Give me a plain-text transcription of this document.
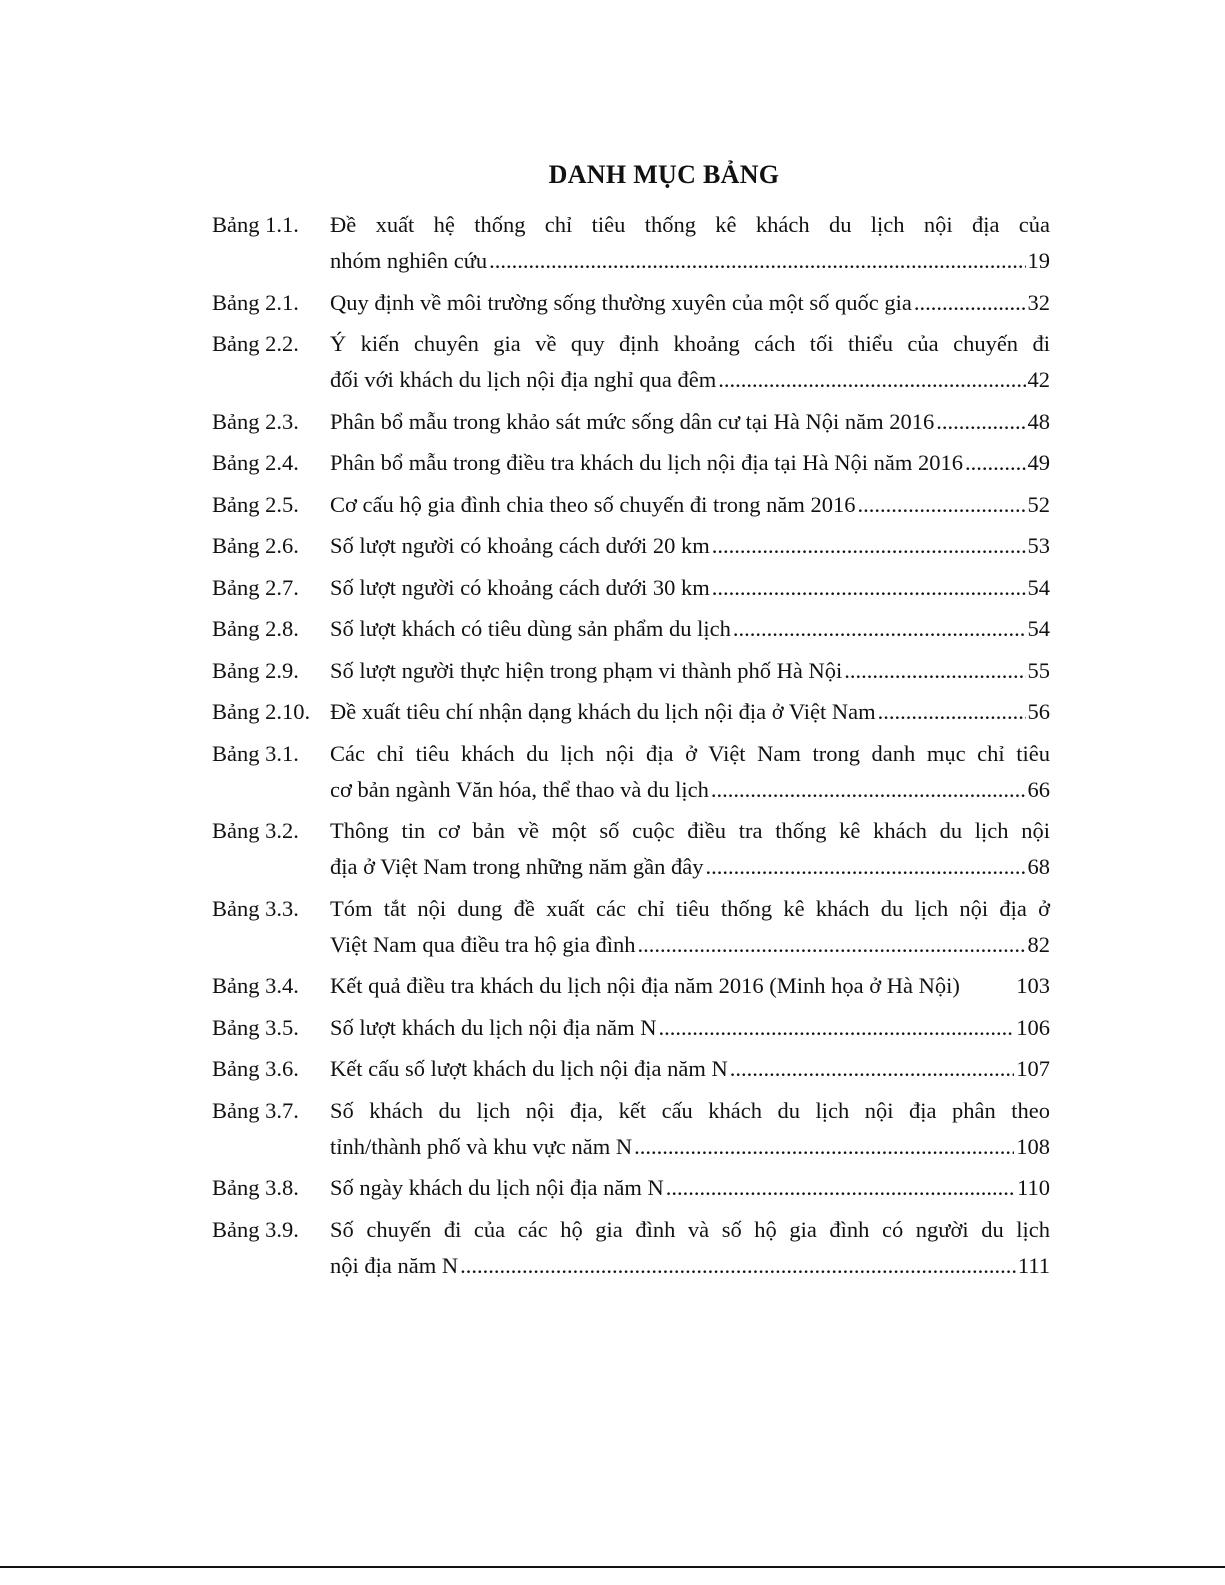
DANH MỤC BẢNG
Bảng 1.1.	Đề xuất hệ thống chỉ tiêu thống kê khách du lịch nội địa của
nhóm nghiên cứu .....	19
Bảng 2.1.	Quy định về môi trường sống thường xuyên của một số quốc gia .....	32
Bảng 2.2.	Ý kiến chuyên gia về quy định khoảng cách tối thiểu của chuyến đi
đối với khách du lịch nội địa nghỉ qua đêm .....	42
Bảng 2.3.	Phân bổ mẫu trong khảo sát mức sống dân cư tại Hà Nội năm 2016 .....	48
Bảng 2.4.	Phân bổ mẫu trong điều tra khách du lịch nội địa tại Hà Nội năm 2016 .....	49
Bảng 2.5.	Cơ cấu hộ gia đình chia theo số chuyến đi trong năm 2016 .....	52
Bảng 2.6.	Số lượt người có khoảng cách dưới 20 km .....	53
Bảng 2.7.	Số lượt người có khoảng cách dưới 30 km .....	54
Bảng 2.8.	Số lượt khách có tiêu dùng sản phẩm du lịch .....	54
Bảng 2.9.	Số lượt người thực hiện trong phạm vi thành phố Hà Nội .....	55
Bảng 2.10. Đề xuất tiêu chí nhận dạng khách du lịch nội địa ở Việt Nam .....	56
Bảng 3.1.	Các chỉ tiêu khách du lịch nội địa ở Việt Nam trong danh mục chỉ tiêu
cơ bản ngành Văn hóa, thể thao và du lịch .....	66
Bảng 3.2.	Thông tin cơ bản về một số cuộc điều tra thống kê khách du lịch nội
địa ở Việt Nam trong những năm gần đây .....	68
Bảng 3.3.	Tóm tắt nội dung đề xuất các chỉ tiêu thống kê khách du lịch nội địa ở
Việt Nam qua điều tra hộ gia đình .....	82
Bảng 3.4.	Kết quả điều tra khách du lịch nội địa năm 2016 (Minh họa ở Hà Nội)	103
Bảng 3.5.	Số lượt khách du lịch nội địa năm N .....	106
Bảng 3.6.	Kết cấu số lượt khách du lịch nội địa năm N .....	107
Bảng 3.7.	Số khách du lịch nội địa, kết cấu khách du lịch nội địa phân theo
tỉnh/thành phố và khu vực năm N .....	108
Bảng 3.8.	Số ngày khách du lịch nội địa năm N .....	110
Bảng 3.9.	Số chuyến đi của các hộ gia đình và số hộ gia đình có người du lịch
nội địa năm N .....	111
